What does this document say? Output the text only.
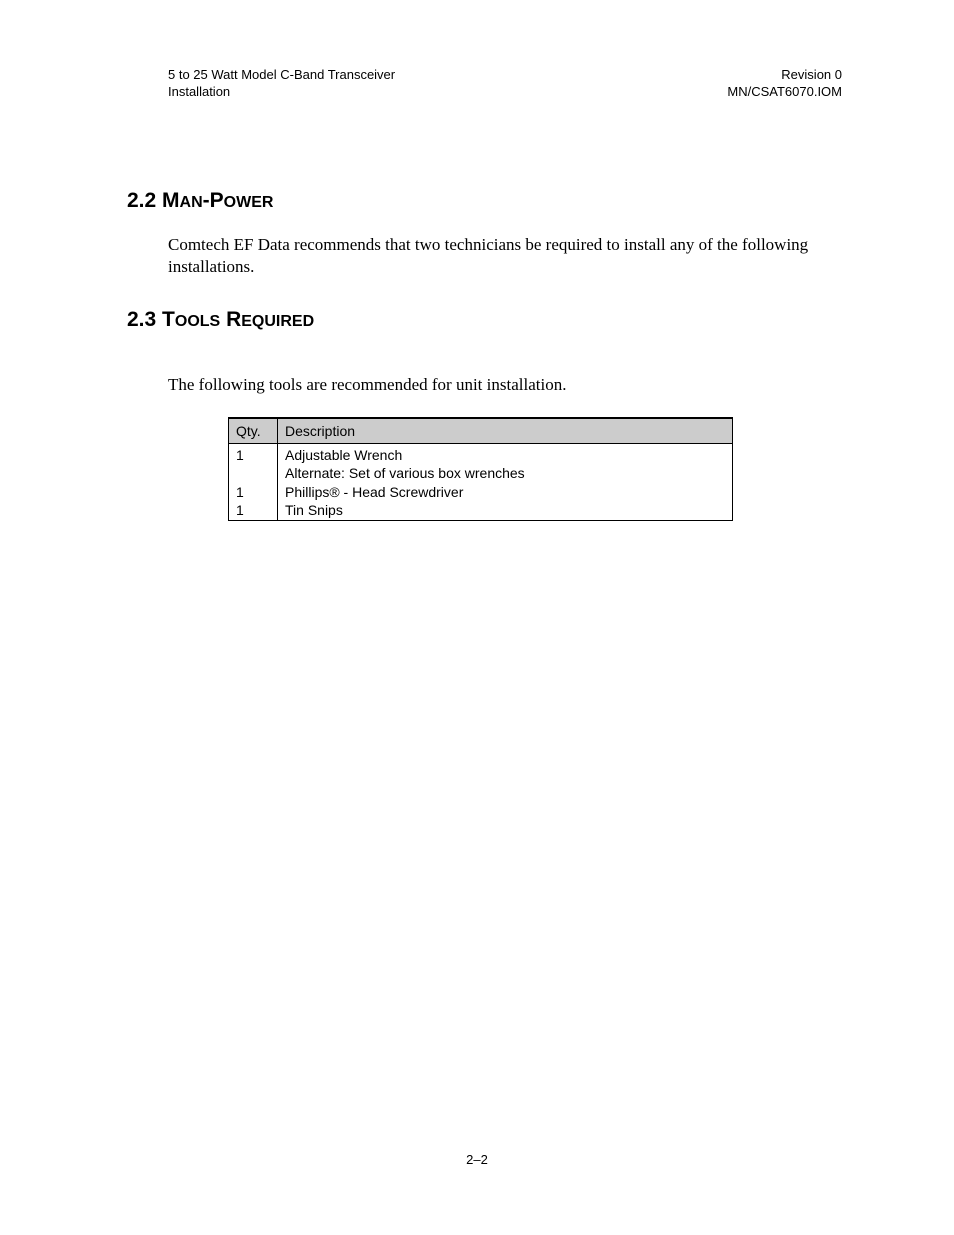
5 to 25 Watt Model C-Band Transceiver
Installation
Revision 0
MN/CSAT6070.IOM
2.2 MAN-POWER

Comtech EF Data recommends that two technicians be required to install any of the following installations.

2.3 TOOLS REQUIRED

The following tools are recommended for unit installation.

Qty.	Description
1	Adjustable Wrench
	Alternate: Set of various box wrenches
1	Phillips® - Head Screwdriver
1	Tin Snips
2–2
